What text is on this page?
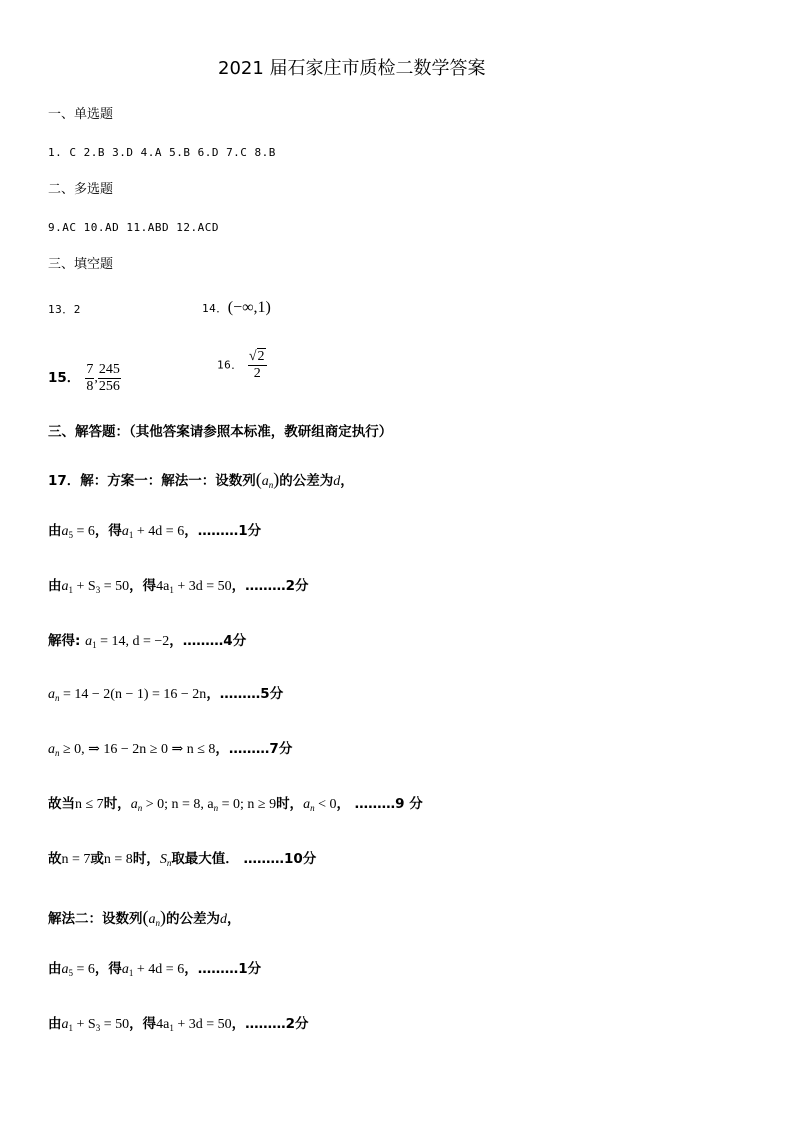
2021 届石家庄市质检二数学答案
一、单选题
1. C 2.B 3.D 4.A 5.B 6.D 7.C 8.B
二、多选题
9.AC 10.AD 11.ABD 12.ACD
三、填空题
13．2	14．(−∞,1)
15． $\frac{7}{8}$ , $\frac{245}{256}$	16． $\frac{√ 2}{2}$
三、解答题：（其他答案请参照本标准，教研组商定执行）
17．解：方案一：解法一：设数列$(a_n)$的公差为d，
由$a_5 = 6$，得$a_1 + 4d = 6$，………1分
由$a_1 + S_3 = 50$，得$4a_1 + 3d = 50$，………2分
解得: $a_1 = 14$, d = −2，………4分
$a_n = 14 - 2(n - 1) = 16 - 2n$，………5分
$a_n \ge 0$, ⇒ 16 − 2n ≥ 0 ⇒ n ≤ 8，………7分
故当n ≤ 7时，$a_n > 0$; n = 8, $a_n = 0$; n ≥ 9时，$a_n < 0$， ………9 分
故n = 7或n = 8时，$S_n$取最大值． ………10分
解法二：设数列$(a_n)$的公差为d，
由$a_5 = 6$，得$a_1 + 4d = 6$，………1分
由$a_1 + S_3 = 50$，得$4a_1 + 3d = 50$，………2分
